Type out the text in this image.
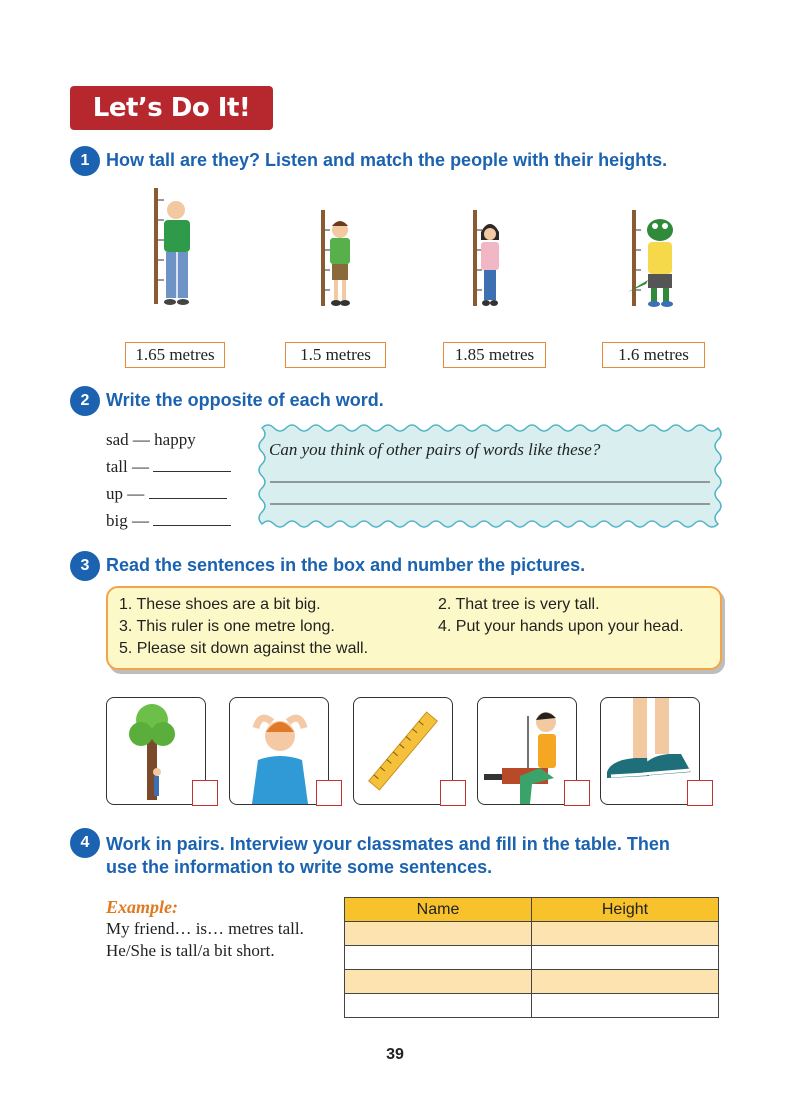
Let’s Do It!
1 How tall are they? Listen and match the people with their heights.
1.65 metres	1.5 metres	1.85 metres	1.6 metres
2 Write the opposite of each word.
sad — happy
tall —
up —
big —
Can you think of other pairs of words like these?
3 Read the sentences in the box and number the pictures.
1. These shoes are a bit big.	2. That tree is very tall.
3. This ruler is one metre long.	4. Put your hands upon your head.
5. Please sit down against the wall.
4 Work in pairs. Interview your classmates and fill in the table. Then
use the information to write some sentences.
Example:
My friend… is… metres tall.
He/She is tall/a bit short.
Name	Height

39
